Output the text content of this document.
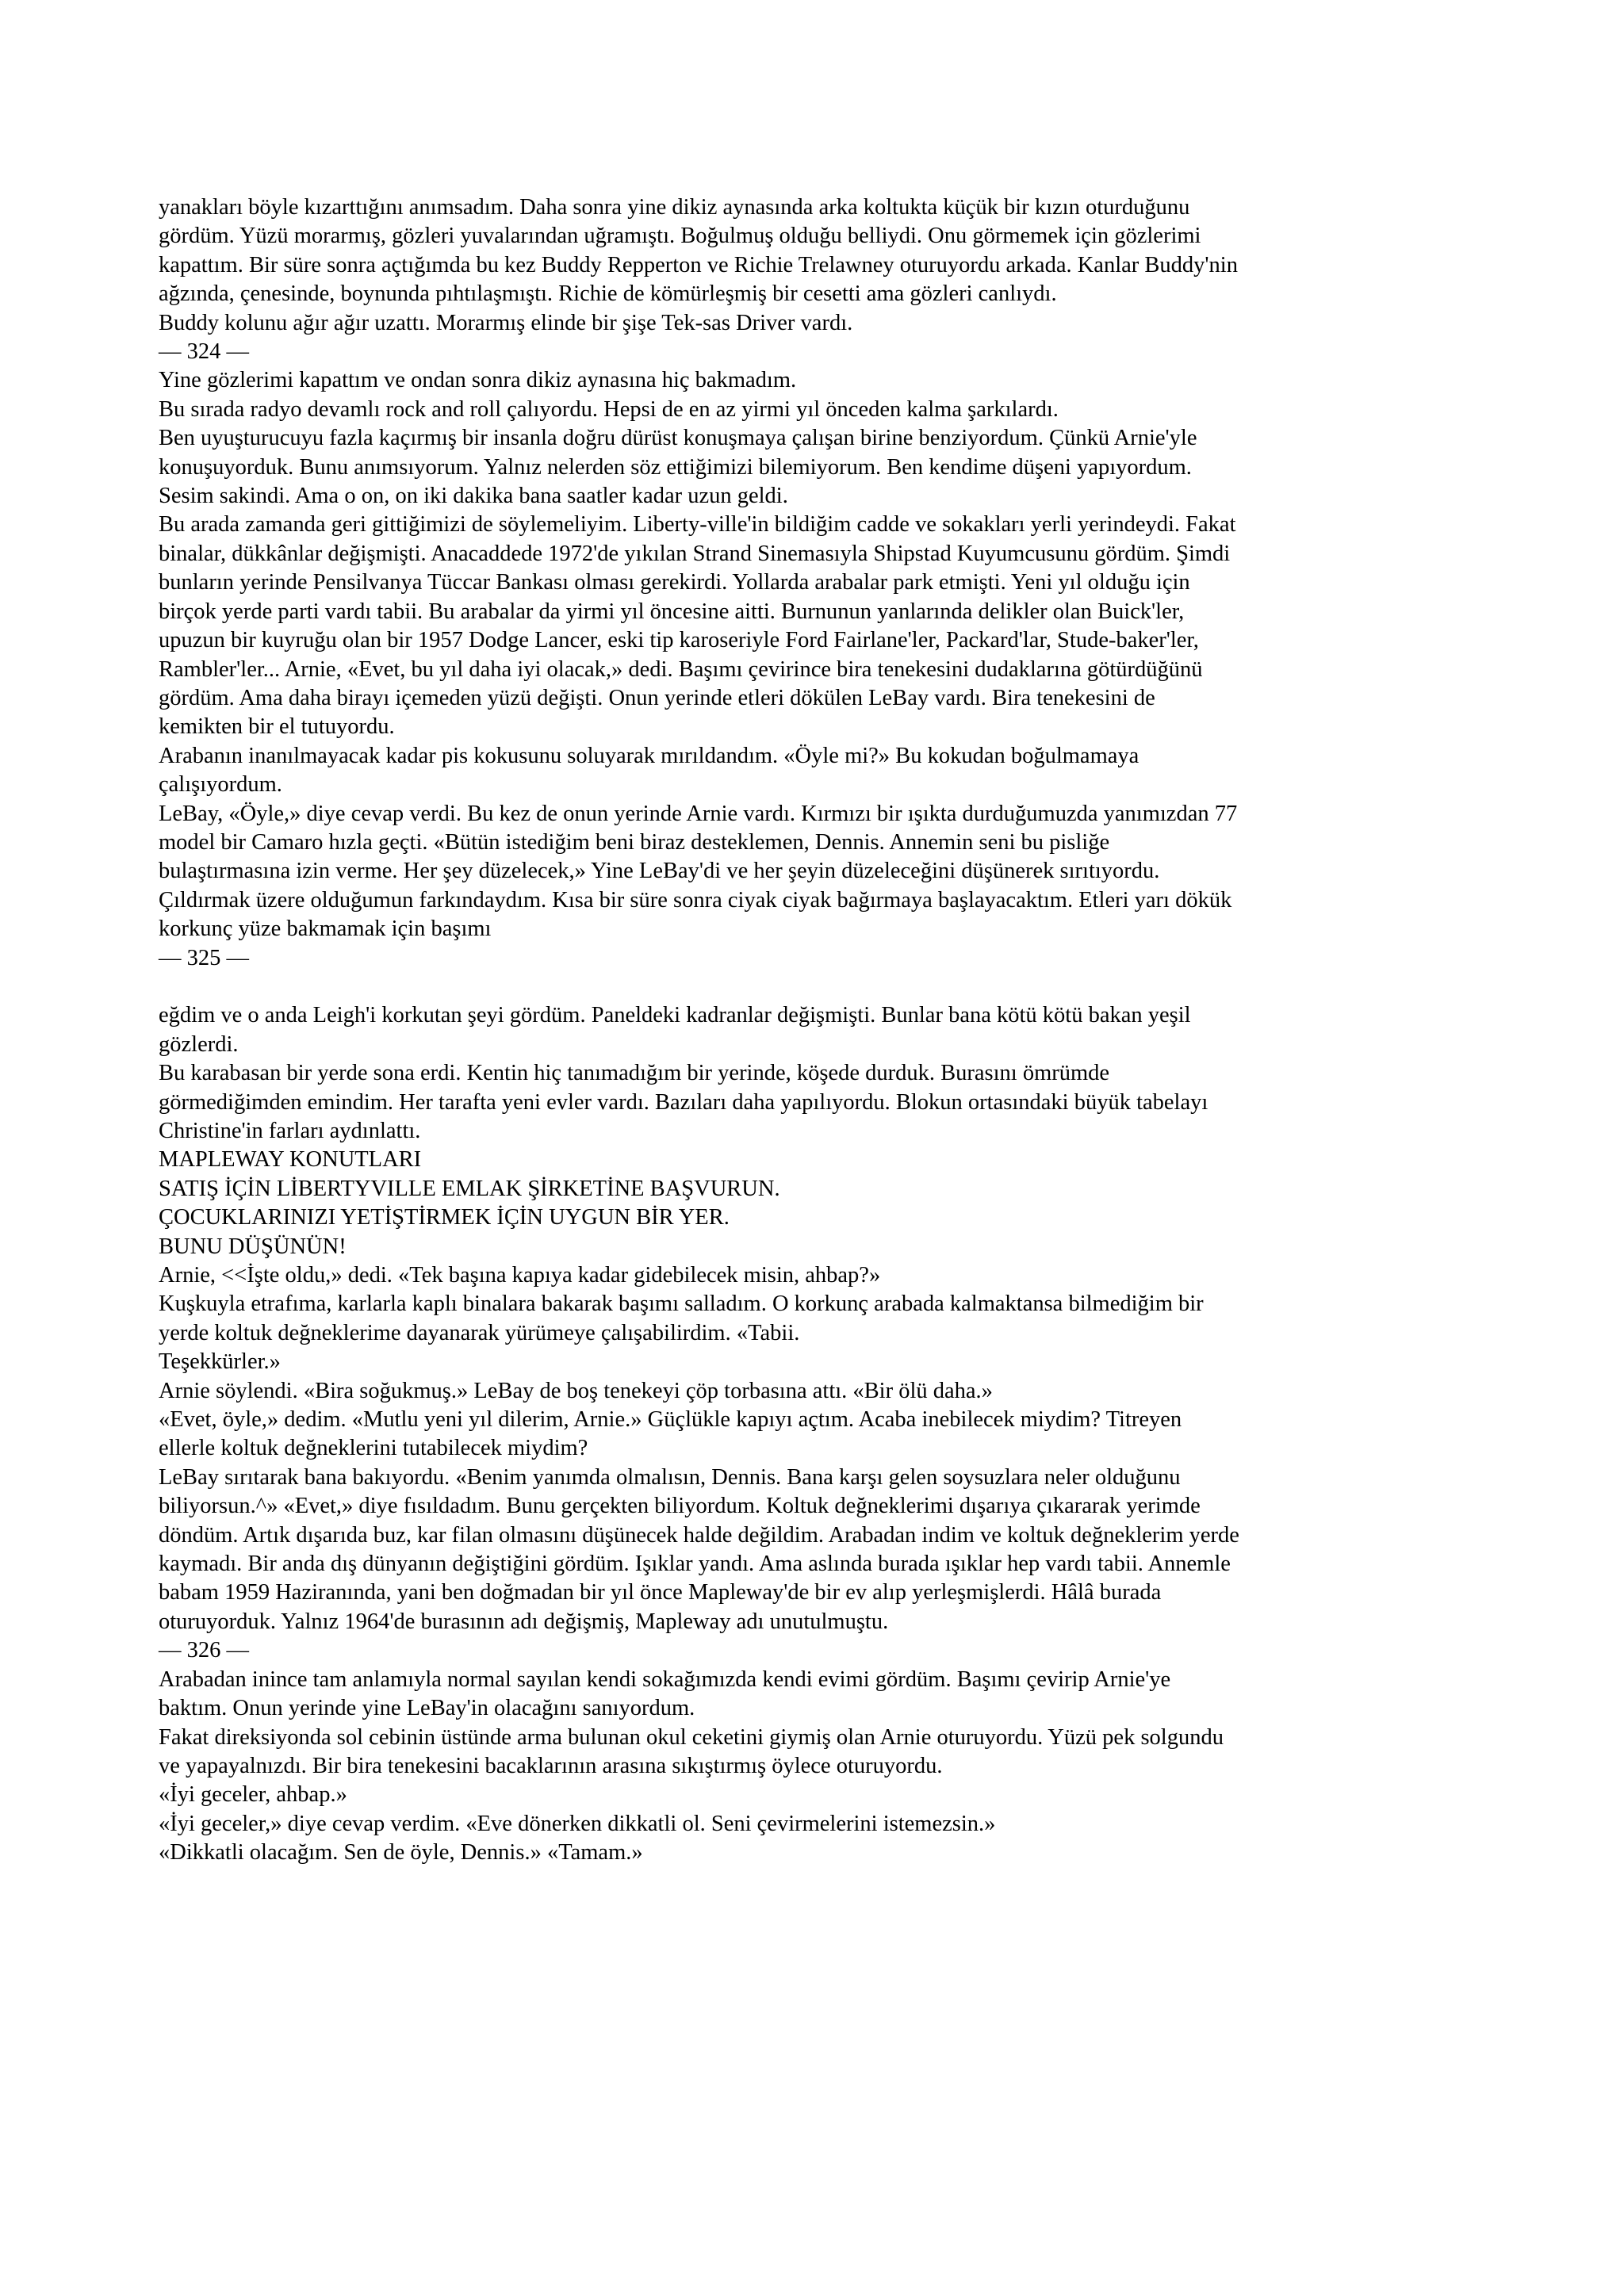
yanakları böyle kızarttığını anımsadım. Daha sonra yine dikiz aynasında arka koltukta küçük bir kızın oturduğunu
gördüm. Yüzü morarmış, gözleri yuvalarından uğramıştı. Boğulmuş olduğu belliydi. Onu görmemek için gözlerimi
kapattım. Bir süre sonra açtığımda bu kez Buddy Repperton ve Richie Trelawney oturuyordu arkada. Kanlar Buddy'nin
ağzında, çenesinde, boynunda pıhtılaşmıştı. Richie de kömürleşmiş bir cesetti ama gözleri canlıydı.
Buddy kolunu ağır ağır uzattı. Morarmış elinde bir şişe Tek-sas Driver vardı.
— 324 —
Yine gözlerimi kapattım ve ondan sonra dikiz aynasına hiç bakmadım.
Bu sırada radyo devamlı rock and roll çalıyordu. Hepsi de en az yirmi yıl önceden kalma şarkılardı.
Ben uyuşturucuyu fazla kaçırmış bir insanla doğru dürüst konuşmaya çalışan birine benziyordum. Çünkü Arnie'yle
konuşuyorduk. Bunu anımsıyorum. Yalnız nelerden söz ettiğimizi bilemiyorum. Ben kendime düşeni yapıyordum.
Sesim sakindi. Ama o on, on iki dakika bana saatler kadar uzun geldi.
Bu arada zamanda geri gittiğimizi de söylemeliyim. Liberty-ville'in bildiğim cadde ve sokakları yerli yerindeydi. Fakat
binalar, dükkânlar değişmişti. Anacaddede 1972'de yıkılan Strand Sinemasıyla Shipstad Kuyumcusunu gördüm. Şimdi
bunların yerinde Pensilvanya Tüccar Bankası olması gerekirdi. Yollarda arabalar park etmişti. Yeni yıl olduğu için
birçok yerde parti vardı tabii. Bu arabalar da yirmi yıl öncesine aitti. Burnunun yanlarında delikler olan Buick'ler,
upuzun bir kuyruğu olan bir 1957 Dodge Lancer, eski tip karoseriyle Ford Fairlane'ler, Packard'lar, Stude-baker'ler,
Rambler'ler... Arnie, «Evet, bu yıl daha iyi olacak,» dedi. Başımı çevirince bira tenekesini dudaklarına götürdüğünü
gördüm. Ama daha birayı içemeden yüzü değişti. Onun yerinde etleri dökülen LeBay vardı. Bira tenekesini de
kemikten bir el tutuyordu.
Arabanın inanılmayacak kadar pis kokusunu soluyarak mırıldandım. «Öyle mi?» Bu kokudan boğulmamaya
çalışıyordum.
LeBay, «Öyle,» diye cevap verdi. Bu kez de onun yerinde Arnie vardı. Kırmızı bir ışıkta durduğumuzda yanımızdan 77
model bir Camaro hızla geçti. «Bütün istediğim beni biraz desteklemen, Dennis. Annemin seni bu pisliğe
bulaştırmasına izin verme. Her şey düzelecek,» Yine LeBay'di ve her şeyin düzeleceğini düşünerek sırıtıyordu.
Çıldırmak üzere olduğumun farkındaydım. Kısa bir süre sonra ciyak ciyak bağırmaya başlayacaktım. Etleri yarı dökük
korkunç yüze bakmamak için başımı
— 325 —
eğdim ve o anda Leigh'i korkutan şeyi gördüm. Paneldeki kadranlar değişmişti. Bunlar bana kötü kötü bakan yeşil
gözlerdi.
Bu karabasan bir yerde sona erdi. Kentin hiç tanımadığım bir yerinde, köşede durduk. Burasını ömrümde
görmediğimden emindim. Her tarafta yeni evler vardı. Bazıları daha yapılıyordu. Blokun ortasındaki büyük tabelayı
Christine'in farları aydınlattı.
MAPLEWAY KONUTLARI
SATIŞ İÇİN LİBERTYVILLE EMLAK ŞİRKETİNE BAŞVURUN.
ÇOCUKLARINIZI YETİŞTİRMEK İÇİN UYGUN BİR YER.
BUNU DÜŞÜNÜN!
Arnie, <<İşte oldu,» dedi. «Tek başına kapıya kadar gidebilecek misin, ahbap?»
Kuşkuyla etrafıma, karlarla kaplı binalara bakarak başımı salladım. O korkunç arabada kalmaktansa bilmediğim bir
yerde koltuk değneklerime dayanarak yürümeye çalışabilirdim. «Tabii.
Teşekkürler.»
Arnie söylendi. «Bira soğukmuş.» LeBay de boş tenekeyi çöp torbasına attı. «Bir ölü daha.»
«Evet, öyle,» dedim. «Mutlu yeni yıl dilerim, Arnie.» Güçlükle kapıyı açtım. Acaba inebilecek miydim? Titreyen
ellerle koltuk değneklerini tutabilecek miydim?
LeBay sırıtarak bana bakıyordu. «Benim yanımda olmalısın, Dennis. Bana karşı gelen soysuzlara neler olduğunu
biliyorsun.^» «Evet,» diye fısıldadım. Bunu gerçekten biliyordum. Koltuk değneklerimi dışarıya çıkararak yerimde
döndüm. Artık dışarıda buz, kar filan olmasını düşünecek halde değildim. Arabadan indim ve koltuk değneklerim yerde
kaymadı. Bir anda dış dünyanın değiştiğini gördüm. Işıklar yandı. Ama aslında burada ışıklar hep vardı tabii. Annemle
babam 1959 Haziranında, yani ben doğmadan bir yıl önce Mapleway'de bir ev alıp yerleşmişlerdi. Hâlâ burada
oturuyorduk. Yalnız 1964'de burasının adı değişmiş, Mapleway adı unutulmuştu.
— 326 —
Arabadan inince tam anlamıyla normal sayılan kendi sokağımızda kendi evimi gördüm. Başımı çevirip Arnie'ye
baktım. Onun yerinde yine LeBay'in olacağını sanıyordum.
Fakat direksiyonda sol cebinin üstünde arma bulunan okul ceketini giymiş olan Arnie oturuyordu. Yüzü pek solgundu
ve yapayalnızdı. Bir bira tenekesini bacaklarının arasına sıkıştırmış öylece oturuyordu.
«İyi geceler, ahbap.»
«İyi geceler,» diye cevap verdim. «Eve dönerken dikkatli ol. Seni çevirmelerini istemezsin.»
«Dikkatli olacağım. Sen de öyle, Dennis.» «Tamam.»
